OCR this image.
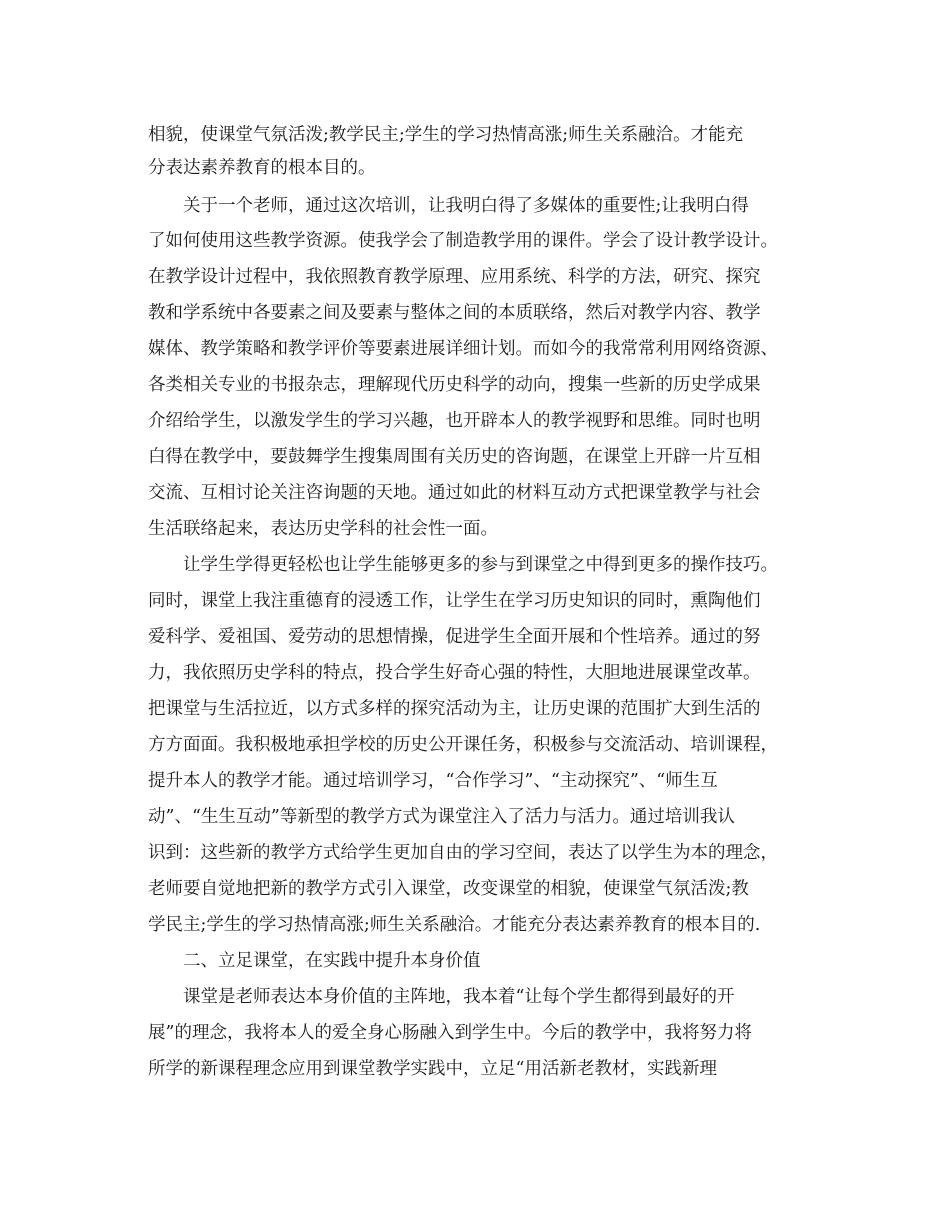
相貌，使课堂气氛活泼;教学民主;学生的学习热情高涨;师生关系融洽。才能充
分表达素养教育的根本目的。
　　关于一个老师，通过这次培训，让我明白得了多媒体的重要性;让我明白得
了如何使用这些教学资源。使我学会了制造教学用的课件。学会了设计教学设计。
在教学设计过程中，我依照教育教学原理、应用系统、科学的方法，研究、探究
教和学系统中各要素之间及要素与整体之间的本质联络，然后对教学内容、教学
媒体、教学策略和教学评价等要素进展详细计划。而如今的我常常利用网络资源、
各类相关专业的书报杂志，理解现代历史科学的动向，搜集一些新的历史学成果
介绍给学生，以激发学生的学习兴趣，也开辟本人的教学视野和思维。同时也明
白得在教学中，要鼓舞学生搜集周围有关历史的咨询题，在课堂上开辟一片互相
交流、互相讨论关注咨询题的天地。通过如此的材料互动方式把课堂教学与社会
生活联络起来，表达历史学科的社会性一面。
　　让学生学得更轻松也让学生能够更多的参与到课堂之中得到更多的操作技巧。
同时，课堂上我注重德育的浸透工作，让学生在学习历史知识的同时，熏陶他们
爱科学、爱祖国、爱劳动的思想情操，促进学生全面开展和个性培养。通过的努
力，我依照历史学科的特点，投合学生好奇心强的特性，大胆地进展课堂改革。
把课堂与生活拉近，以方式多样的探究活动为主，让历史课的范围扩大到生活的
方方面面。我积极地承担学校的历史公开课任务，积极参与交流活动、培训课程，
提升本人的教学才能。通过培训学习，“合作学习”、“主动探究”、“师生互
动”、“生生互动”等新型的教学方式为课堂注入了活力与活力。通过培训我认
识到：这些新的教学方式给学生更加自由的学习空间，表达了以学生为本的理念，
老师要自觉地把新的教学方式引入课堂，改变课堂的相貌，使课堂气氛活泼;教
学民主;学生的学习热情高涨;师生关系融洽。才能充分表达素养教育的根本目的.
　　二、立足课堂，在实践中提升本身价值
　　课堂是老师表达本身价值的主阵地，我本着“让每个学生都得到最好的开
展”的理念，我将本人的爱全身心肠融入到学生中。今后的教学中，我将努力将
所学的新课程理念应用到课堂教学实践中，立足“用活新老教材，实践新理
